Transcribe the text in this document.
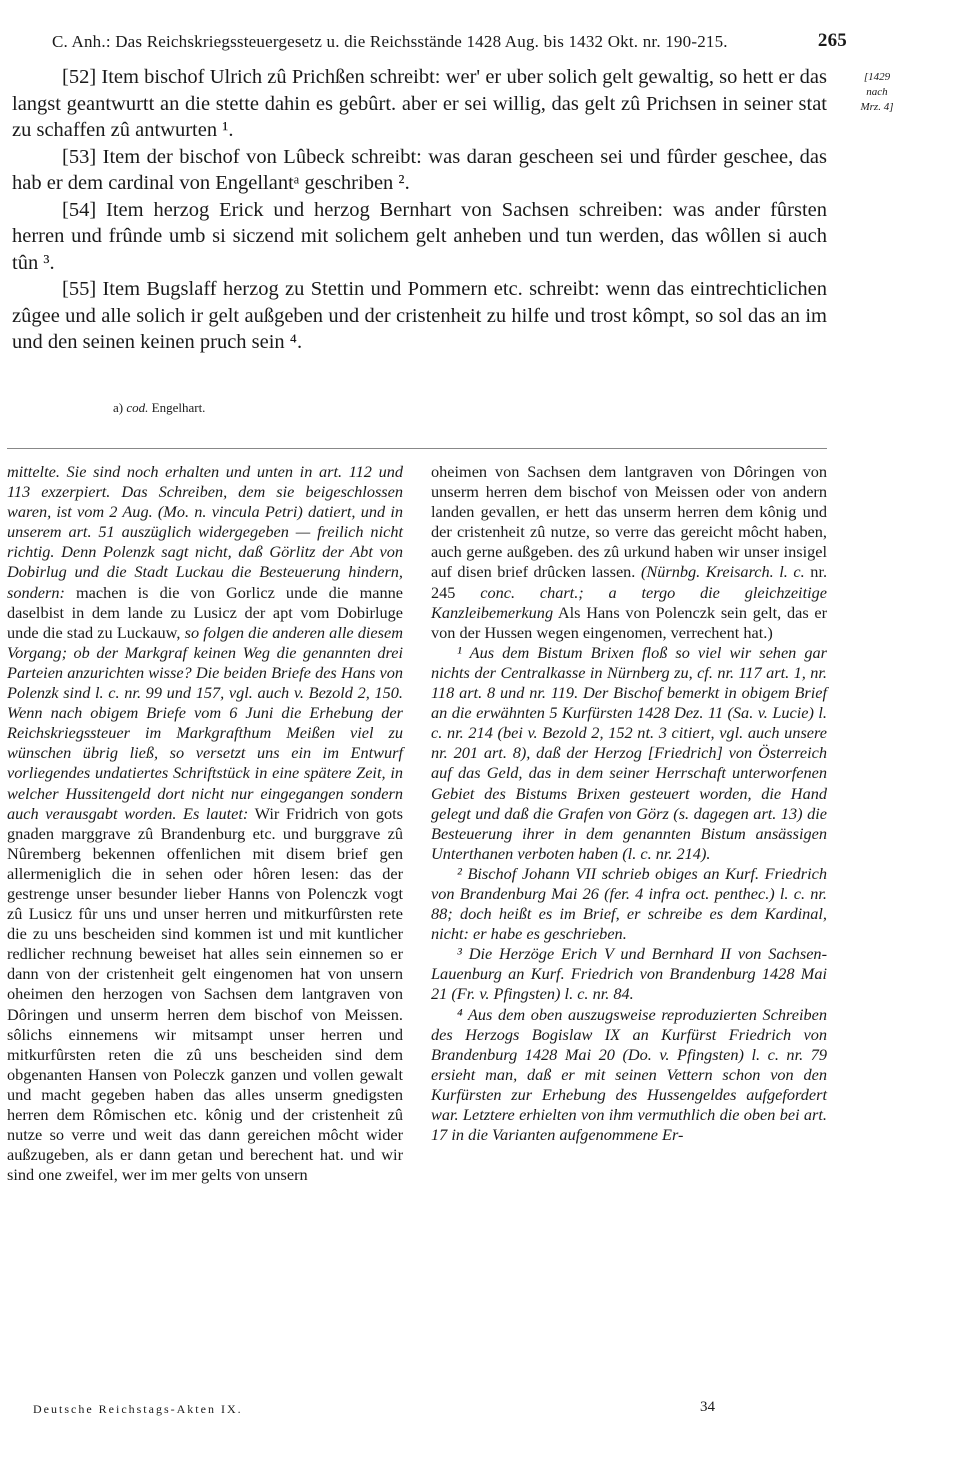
C. Anh.: Das Reichskriegssteuergesetz u. die Reichsstände 1428 Aug. bis 1432 Okt. nr. 190-215.	265
[1429
nach
Mrz. 4]

[52] Item bischof Ulrich zû Prichßen schreibt: wer' er uber solich gelt gewaltig, so hett er das langst geantwurtt an die stette dahin es gebûrt. aber er sei willig, das gelt zû Prichsen in seiner stat zu schaffen zû antwurten ¹.

[53] Item der bischof von Lûbeck schreibt: was daran gescheen sei und fûrder geschee, das hab er dem cardinal von Engellantᵃ geschriben ².

[54] Item herzog Erick und herzog Bernhart von Sachsen schreiben: was ander fûrsten herren und frûnde umb si siczend mit solichem gelt anheben und tun werden, das wôllen si auch tûn ³.

[55] Item Bugslaff herzog zu Stettin und Pommern etc. schreibt: wenn das eintrechticlichen zûgee und alle solich ir gelt außgeben und der cristenheit zu hilfe und trost kômpt, so sol das an im und den seinen keinen pruch sein ⁴.

a) cod. Engelhart.

mittelte. Sie sind noch erhalten und unten in art. 112 und 113 exzerpiert. Das Schreiben, dem sie beigeschlossen waren, ist vom 2 Aug. (Mo. n. vincula Petri) datiert, und in unserem art. 51 auszüglich widergegeben — freilich nicht richtig. Denn Polenzk sagt nicht, daß Görlitz der Abt von Dobirlug und die Stadt Luckau die Besteuerung hindern, sondern: machen is die von Gorlicz unde die manne daselbist in dem lande zu Lusicz der apt vom Dobirluge unde die stad zu Luckauw, so folgen die anderen alle diesem Vorgang; ob der Markgraf keinen Weg die genannten drei Parteien anzurichten wisse? Die beiden Briefe des Hans von Polenzk sind l. c. nr. 99 und 157, vgl. auch v. Bezold 2, 150. Wenn nach obigem Briefe vom 6 Juni die Erhebung der Reichskriegssteuer im Markgrafthum Meißen viel zu wünschen übrig ließ, so versetzt uns ein im Entwurf vorliegendes undatiertes Schriftstück in eine spätere Zeit, in welcher Hussitengeld dort nicht nur eingegangen sondern auch verausgabt worden. Es lautet: Wir Fridrich von gots gnaden marggrave zû Brandenburg etc. und burggrave zû Nûremberg bekennen offenlichen mit disem brief gen allermeniglich die in sehen oder hôren lesen: das der gestrenge unser besunder lieber Hanns von Polenczk vogt zû Lusicz fûr uns und unser herren und mitkurfûrsten rete die zu uns bescheiden sind kommen ist und mit kuntlicher redlicher rechnung beweiset hat alles sein einnemen so er dann von der cristenheit gelt eingenomen hat von unsern oheimen den herzogen von Sachsen dem lantgraven von Dôringen und unserm herren dem bischof von Meissen. sôlichs einnemens wir mitsampt unser herren und mitkurfûrsten reten die zû uns bescheiden sind dem obgenanten Hansen von Poleczk ganzen und vollen gewalt und macht gegeben haben das alles unserm gnedigsten herren dem Rômischen etc. kônig und der cristenheit zû nutze so verre und weit das dann gereichen môcht wider außzugeben, als er dann getan und berechent hat. und wir sind one zweifel, wer im mer gelts von unsern

oheimen von Sachsen dem lantgraven von Dôringen von unserm herren dem bischof von Meissen oder von andern landen gevallen, er hett das unserm herren dem kônig und der cristenheit zû nutze, so verre das gereicht môcht haben, auch gerne außgeben. des zû urkund haben wir unser insigel auf disen brief drûcken lassen. (Nürnbg. Kreisarch. l. c. nr. 245 conc. chart.; a tergo die gleichzeitige Kanzleibemerkung Als Hans von Polenczk sein gelt, das er von der Hussen wegen eingenomen, verrechent hat.)

¹ Aus dem Bistum Brixen floß so viel wir sehen gar nichts der Centralkasse in Nürnberg zu, cf. nr. 117 art. 1, nr. 118 art. 8 und nr. 119. Der Bischof bemerkt in obigem Brief an die erwähnten 5 Kurfürsten 1428 Dez. 11 (Sa. v. Lucie) l. c. nr. 214 (bei v. Bezold 2, 152 nt. 3 citiert, vgl. auch unsere nr. 201 art. 8), daß der Herzog [Friedrich] von Österreich auf das Geld, das in dem seiner Herrschaft unterworfenen Gebiet des Bistums Brixen gesteuert worden, die Hand gelegt und daß die Grafen von Görz (s. dagegen art. 13) die Besteuerung ihrer in dem genannten Bistum ansässigen Unterthanen verboten haben (l. c. nr. 214).

² Bischof Johann VII schrieb obiges an Kurf. Friedrich von Brandenburg Mai 26 (fer. 4 infra oct. penthec.) l. c. nr. 88; doch heißt es im Brief, er schreibe es dem Kardinal, nicht: er habe es geschrieben.

³ Die Herzöge Erich V und Bernhard II von Sachsen-Lauenburg an Kurf. Friedrich von Brandenburg 1428 Mai 21 (Fr. v. Pfingsten) l. c. nr. 84.

⁴ Aus dem oben auszugsweise reproduzierten Schreiben des Herzogs Bogislaw IX an Kurfürst Friedrich von Brandenburg 1428 Mai 20 (Do. v. Pfingsten) l. c. nr. 79 ersieht man, daß er mit seinen Vettern schon von den Kurfürsten zur Erhebung des Hussengeldes aufgefordert war. Letztere erhielten von ihm vermuthlich die oben bei art. 17 in die Varianten aufgenommene Er-

Deutsche Reichstags-Akten IX.	34
